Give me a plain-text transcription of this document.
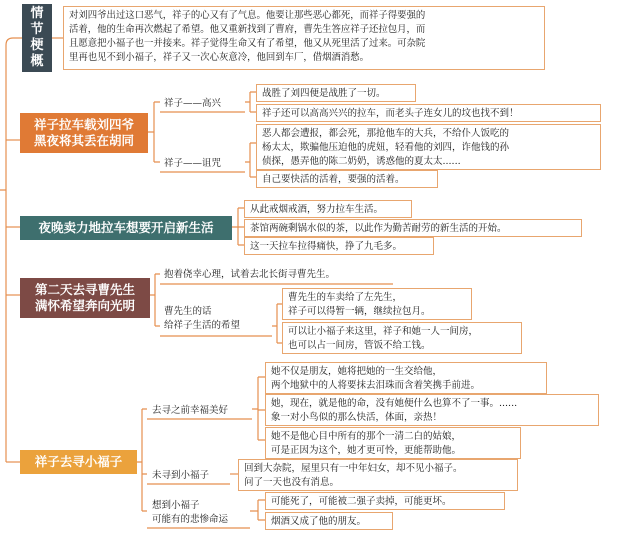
情
节
梗
概
对刘四爷出过这口恶气，祥子的心又有了气息。他要让那些恶心都死，而祥子得要强的
活着，他的生命再次燃起了希望。他又重新找到了曹府，曹先生答应祥子还拉包月，而
且愿意把小福子也一并接来。祥子觉得生命又有了希望，他又从死里活了过来。可杂院
里再也见不到小福子，祥子又一次心灰意冷，他回到车厂，借烟酒消愁。
祥子拉车载刘四爷
黑夜将其丢在胡同
祥子——高兴
战胜了刘四便是战胜了一切。
祥子还可以高高兴兴的拉车，而老头子连女儿的坟也找不到！
祥子——诅咒
恶人都会遭报，都会死，那抢他车的大兵，不给仆人饭吃的
杨太太，欺骗他压迫他的虎妞，轻看他的刘四，诈他钱的孙
侦探，愚弄他的陈二奶奶，诱惑他的夏太太......
自己要快活的活着，要强的活着。
夜晚卖力地拉车想要开启新生活
从此戒烟戒酒，努力拉车生活。
茶馆两碗剩锅水似的茶，以此作为勤苦耐劳的新生活的开始。
这一天拉车拉得痛快，挣了九毛多。
第二天去寻曹先生
满怀希望奔向光明
抱着侥幸心理，试着去北长街寻曹先生。
曹先生的话
给祥子生活的希望
曹先生的车卖给了左先生，
祥子可以得暂一辆，继续拉包月。
可以让小福子来这里，祥子和她一人一间房，
也可以占一间房，管饭不给工钱。
祥子去寻小福子
去寻之前幸福美好
她不仅是朋友，她将把她的一生交给他，
两个地狱中的人将要抹去泪珠而含着笑携手前进。
她，现在，就是他的命，没有她便什么也算不了一事。......
象一对小鸟似的那么快活，体面，亲热！
她不是他心目中所有的那个一清二白的姑娘，
可是正因为这个，她才更可怜，更能帮助他。
未寻到小福子
回到大杂院，屋里只有一中年妇女，却不见小福子。
问了一天也没有消息。
想到小福子
可能有的悲惨命运
可能死了，可能被二强子卖掉，可能更坏。
烟酒又成了他的朋友。
